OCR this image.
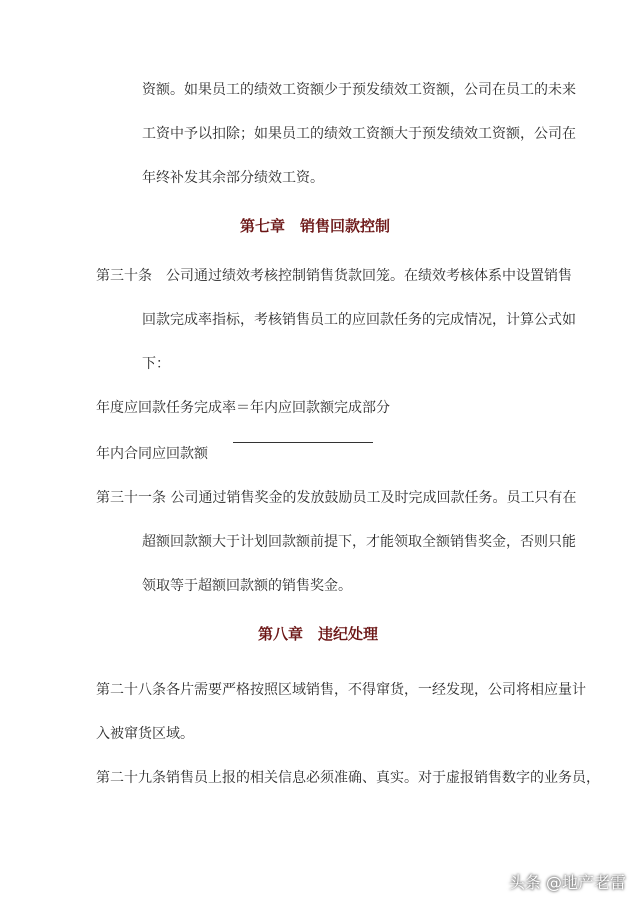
资额。如果员工的绩效工资额少于预发绩效工资额，公司在员工的未来
工资中予以扣除；如果员工的绩效工资额大于预发绩效工资额，公司在
年终补发其余部分绩效工资。
第七章　销售回款控制
第三十条　公司通过绩效考核控制销售货款回笼。在绩效考核体系中设置销售
回款完成率指标，考核销售员工的应回款任务的完成情况，计算公式如
下：
年度应回款任务完成率＝年内应回款额完成部分
年内合同应回款额
第三十一条 公司通过销售奖金的发放鼓励员工及时完成回款任务。员工只有在
超额回款额大于计划回款额前提下，才能领取全额销售奖金，否则只能
领取等于超额回款额的销售奖金。
第八章　违纪处理
第二十八条各片需要严格按照区域销售，不得窜货，一经发现，公司将相应量计
入被窜货区域。
第二十九条销售员上报的相关信息必须准确、真实。对于虚报销售数字的业务员，
头条 @地产老雷
